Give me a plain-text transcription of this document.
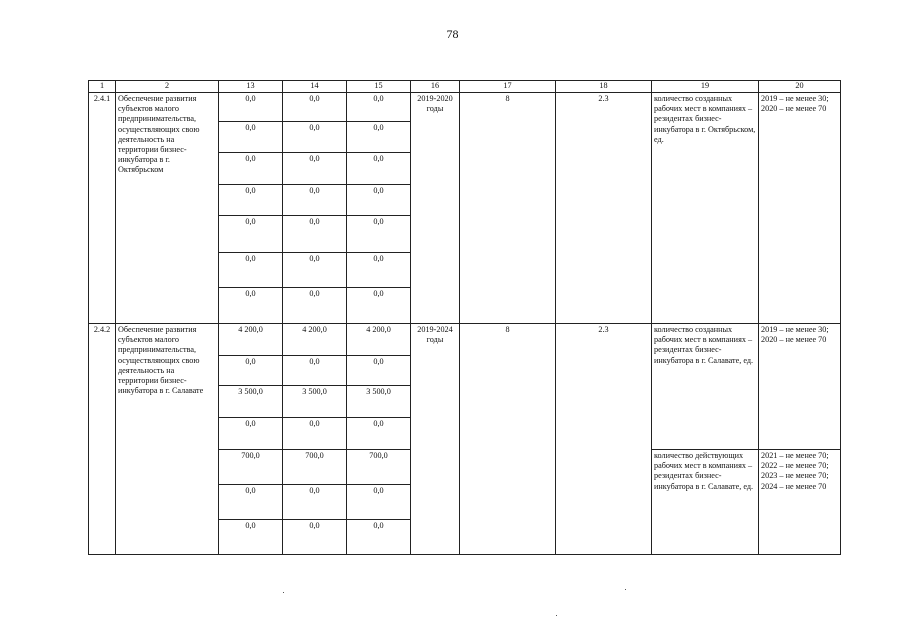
78
1	2	13	14	15	16	17	18	19	20
2.4.1	Обеспечение развития субъектов малого предпринимательства, осуществляющих свою деятельность на территории бизнес-инкубатора в г. Октябрьском	0,0	0,0	0,0	2019-2020 годы	8	2.3	количество созданных рабочих мест в компаниях – резидентах бизнес-инкубатора в г. Октябрьском, ед.	2019 – не менее 30; 2020 – не менее 70
		0,0	0,0	0,0					
		0,0	0,0	0,0					
		0,0	0,0	0,0					
		0,0	0,0	0,0					
		0,0	0,0	0,0					
		0,0	0,0	0,0					
2.4.2	Обеспечение развития субъектов малого предпринимательства, осуществляющих свою деятельность на территории бизнес-инкубатора в г. Салавате	4 200,0	4 200,0	4 200,0	2019-2024 годы	8	2.3	количество созданных рабочих мест в компаниях – резидентах бизнес-инкубатора в г. Салавате, ед.	2019 – не менее 30; 2020 – не менее 70
		0,0	0,0	0,0					
		3 500,0	3 500,0	3 500,0					
		0,0	0,0	0,0					
		700,0	700,0	700,0				количество действующих рабочих мест в компаниях – резидентах бизнес-инкубатора в г. Салавате, ед.	2021 – не менее 70; 2022 – не менее 70; 2023 – не менее 70; 2024 – не менее 70
		0,0	0,0	0,0					
		0,0	0,0	0,0					
